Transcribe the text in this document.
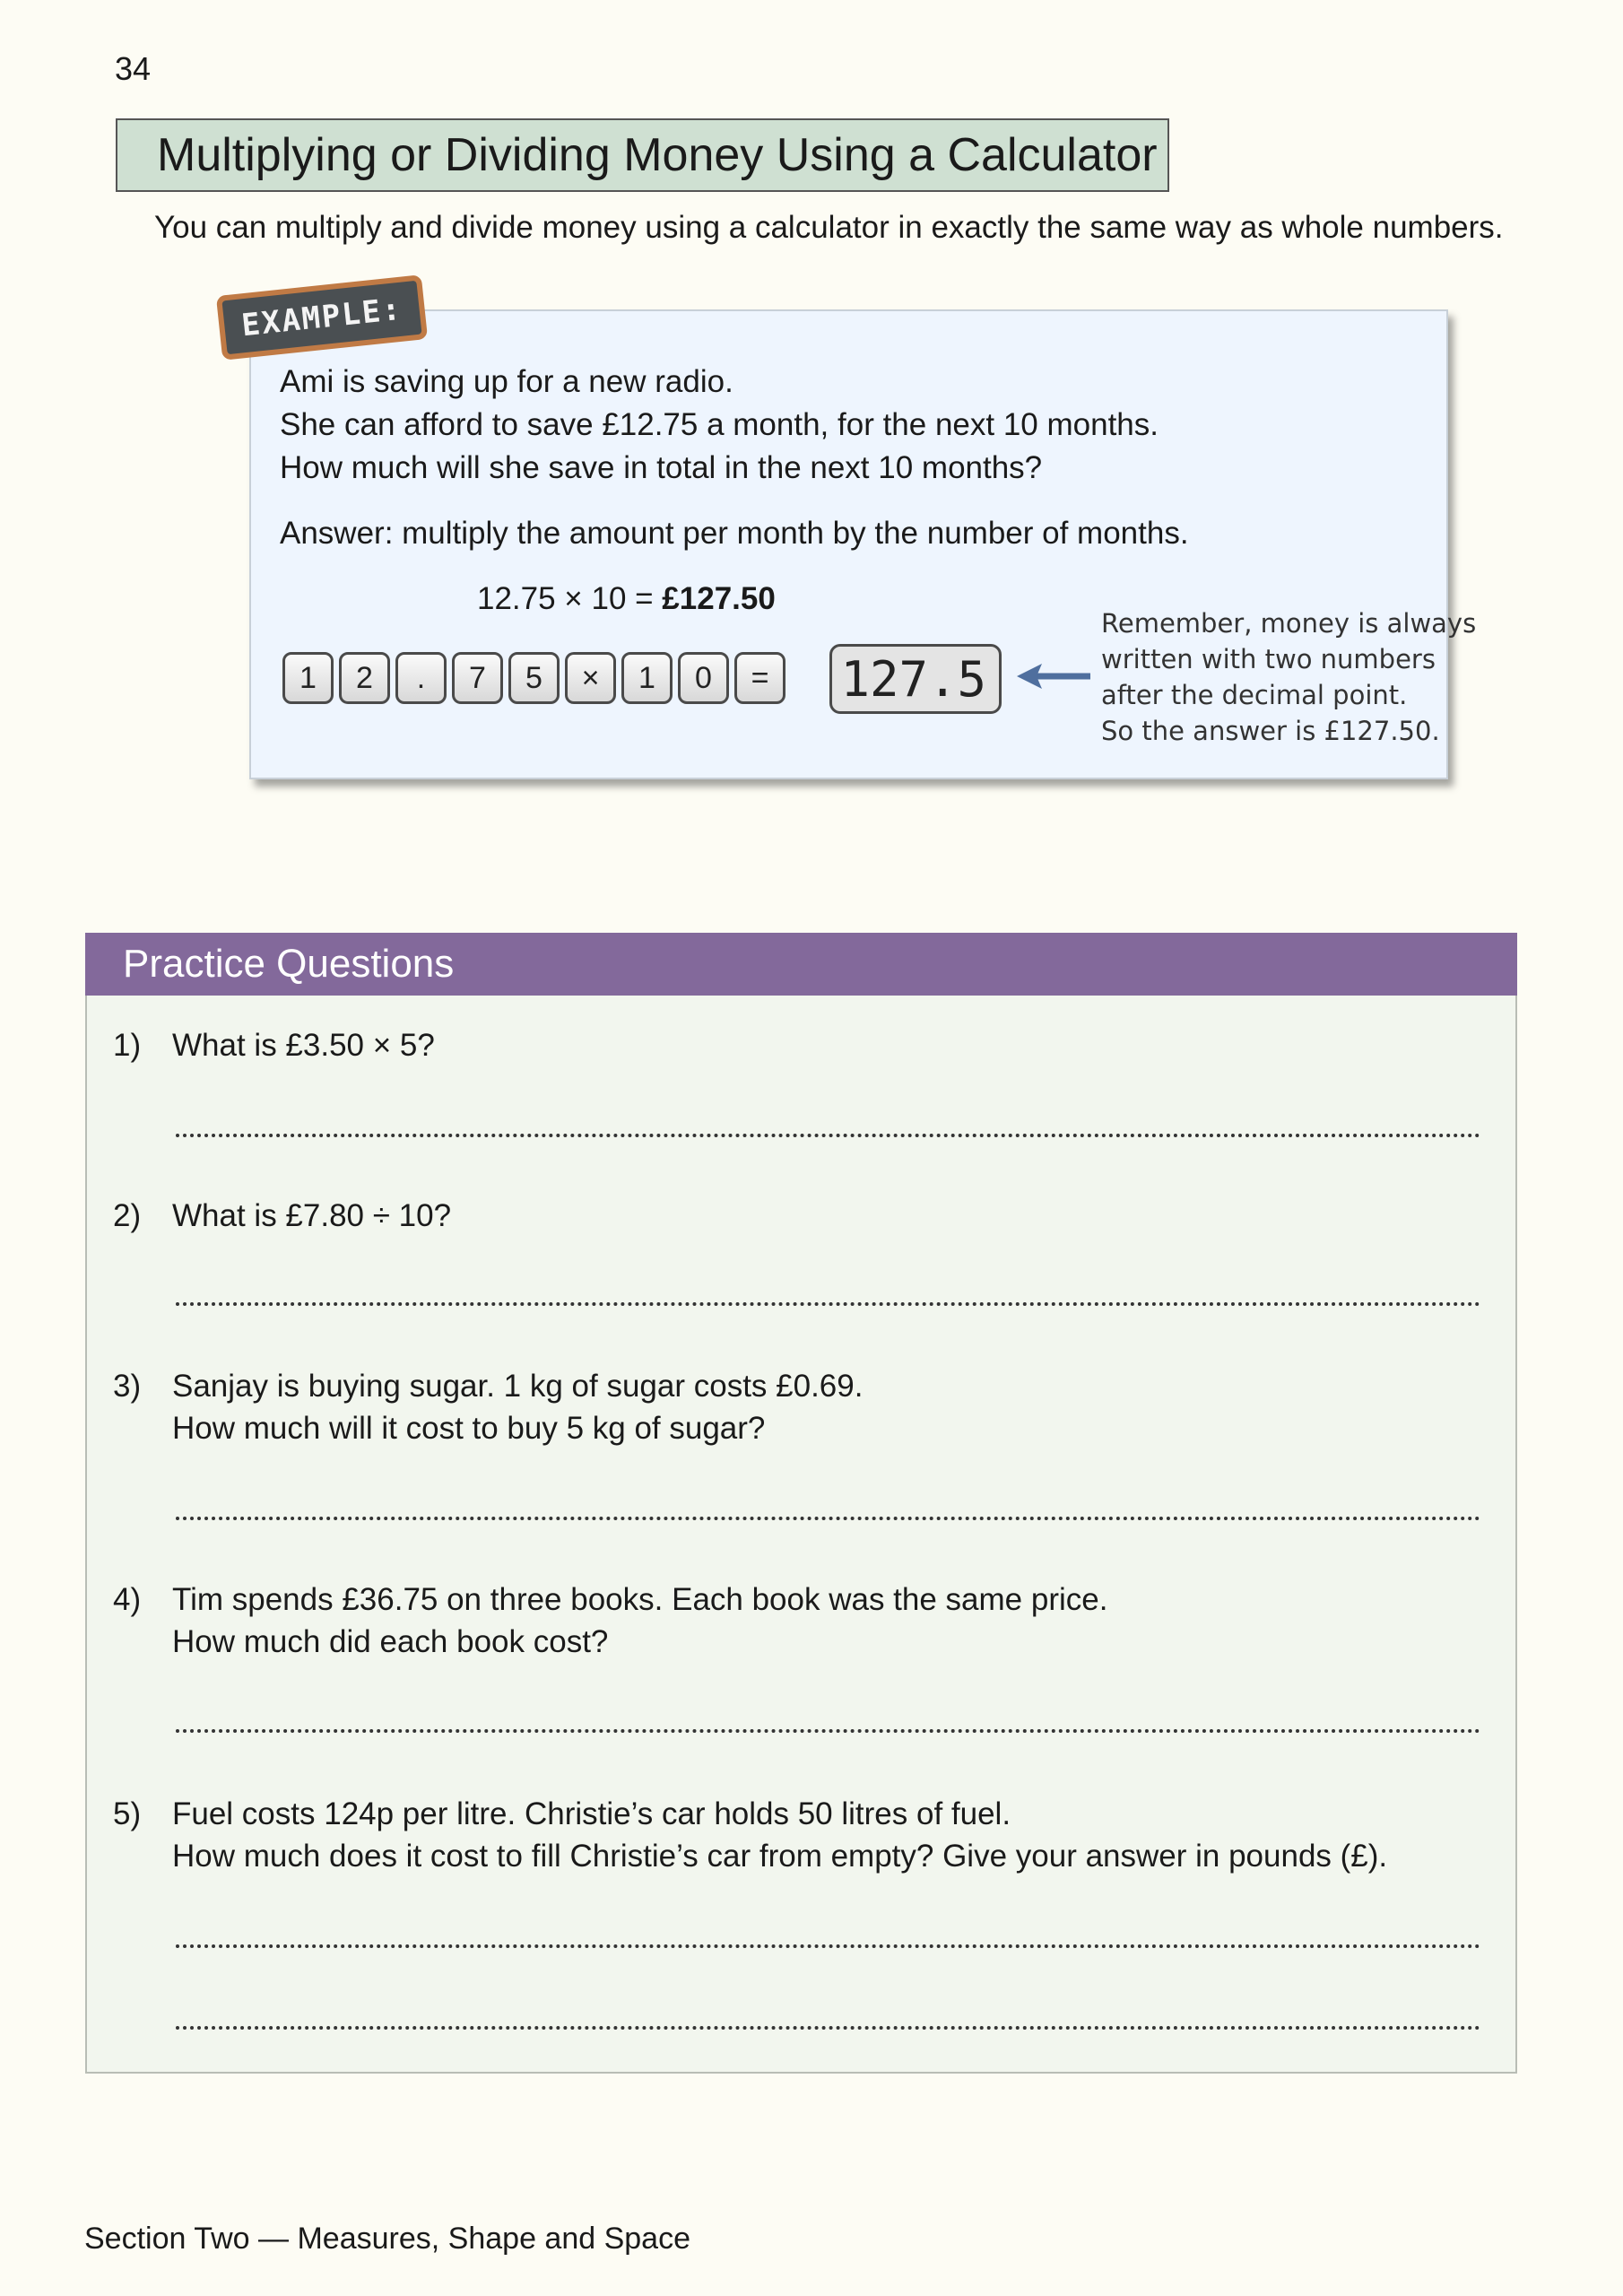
34
Multiplying or Dividing Money Using a Calculator
You can multiply and divide money using a calculator in exactly the same way as whole numbers.
EXAMPLE:
Ami is saving up for a new radio.
She can afford to save £12.75 a month, for the next 10 months.
How much will she save in total in the next 10 months?
Answer: multiply the amount per month by the number of months.
12.75 × 10 = £127.50
1	2	.	7	5	×	1	0	=	127.5
Remember, money is always
written with two numbers
after the decimal point.
So the answer is £127.50.
Practice Questions
1) What is £3.50 × 5?
2) What is £7.80 ÷ 10?
3) Sanjay is buying sugar. 1 kg of sugar costs £0.69.
How much will it cost to buy 5 kg of sugar?
4) Tim spends £36.75 on three books. Each book was the same price.
How much did each book cost?
5) Fuel costs 124p per litre. Christie’s car holds 50 litres of fuel.
How much does it cost to fill Christie’s car from empty? Give your answer in pounds (£).
Section Two — Measures, Shape and Space
